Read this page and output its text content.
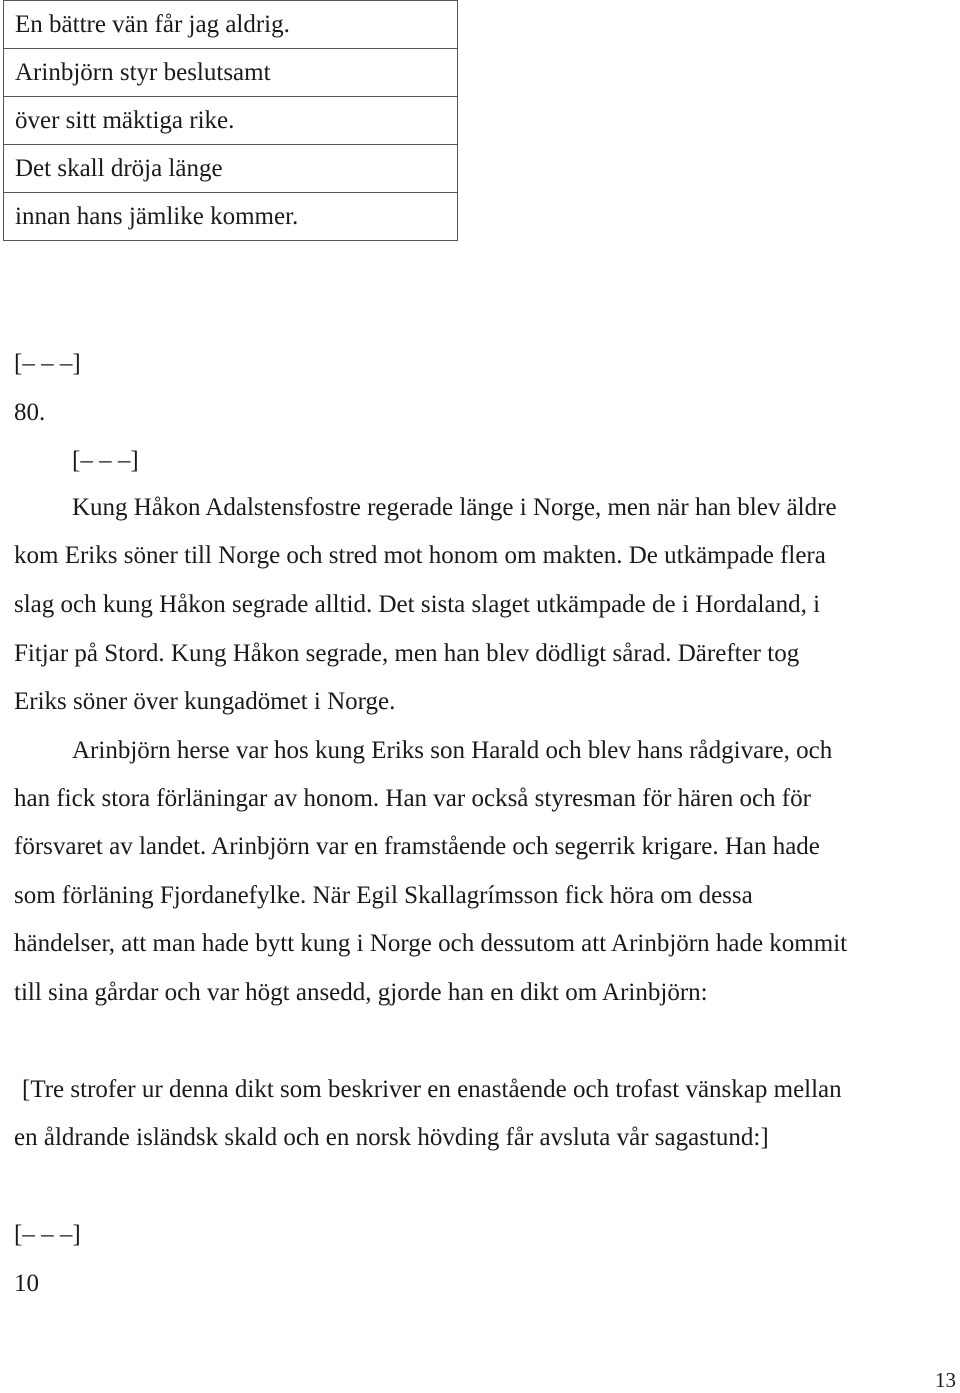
En bättre vän får jag aldrig.
Arinbjörn styr beslutsamt
över sitt mäktiga rike.
Det skall dröja länge
innan hans jämlike kommer.

[– – –]

80.

[– – –]

Kung Håkon Adalstensfostre regerade länge i Norge, men när han blev äldre

kom Eriks söner till Norge och stred mot honom om makten. De utkämpade flera

slag och kung Håkon segrade alltid. Det sista slaget utkämpade de i Hordaland, i

Fitjar på Stord. Kung Håkon segrade, men han blev dödligt sårad. Därefter tog

Eriks söner över kungadömet i Norge.

Arinbjörn herse var hos kung Eriks son Harald och blev hans rådgivare, och

han fick stora förläningar av honom. Han var också styresman för hären och för

försvaret av landet. Arinbjörn var en framstående och segerrik krigare. Han hade

som förläning Fjordanefylke. När Egil Skallagrímsson fick höra om dessa

händelser, att man hade bytt kung i Norge och dessutom att Arinbjörn hade kommit

till sina gårdar och var högt ansedd, gjorde han en dikt om Arinbjörn:

[Tre strofer ur denna dikt som beskriver en enastående och trofast vänskap mellan

en åldrande isländsk skald och en norsk hövding får avsluta vår sagastund:]

[– – –]

10

13
